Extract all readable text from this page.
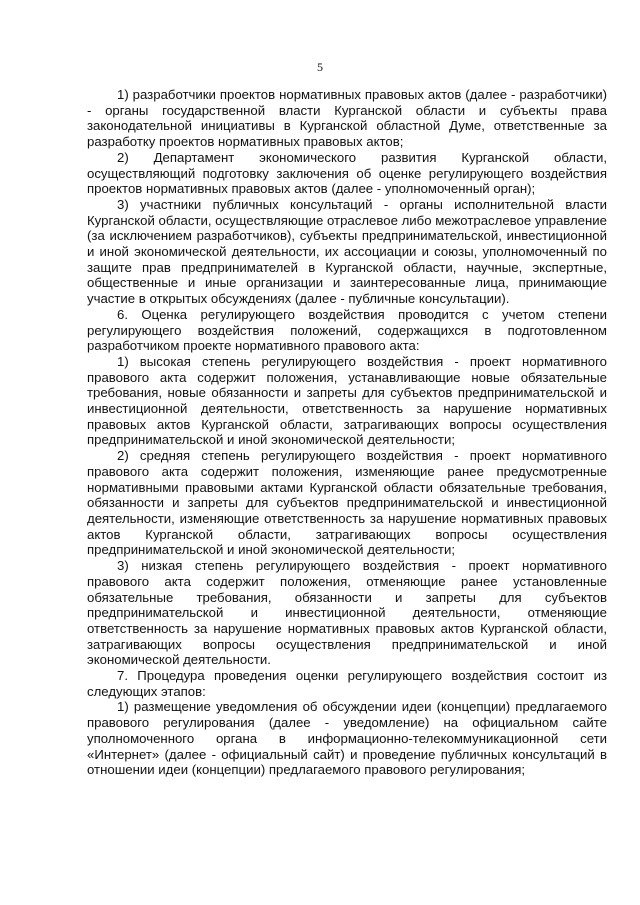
5

1) разработчики проектов нормативных правовых актов (далее - разработчики) - органы государственной власти Курганской области и субъекты права законодательной инициативы в Курганской областной Думе, ответственные за разработку проектов нормативных правовых актов;

2) Департамент экономического развития Курганской области, осуществляющий подготовку заключения об оценке регулирующего воздействия проектов нормативных правовых актов (далее - уполномоченный орган);

3) участники публичных консультаций - органы исполнительной власти Курганской области, осуществляющие отраслевое либо межотраслевое управление (за исключением разработчиков), субъекты предпринимательской, инвестиционной и иной экономической деятельности, их ассоциации и союзы, уполномоченный по защите прав предпринимателей в Курганской области, научные, экспертные, общественные и иные организации и заинтересованные лица, принимающие участие в открытых обсуждениях (далее - публичные консультации).

6. Оценка регулирующего воздействия проводится с учетом степени регулирующего воздействия положений, содержащихся в подготовленном разработчиком проекте нормативного правового акта:

1) высокая степень регулирующего воздействия - проект нормативного правового акта содержит положения, устанавливающие новые обязательные требования, новые обязанности и запреты для субъектов предпринимательской и инвестиционной деятельности, ответственность за нарушение нормативных правовых актов Курганской области, затрагивающих вопросы осуществления предпринимательской и иной экономической деятельности;

2) средняя степень регулирующего воздействия - проект нормативного правового акта содержит положения, изменяющие ранее предусмотренные нормативными правовыми актами Курганской области обязательные требования, обязанности и запреты для субъектов предпринимательской и инвестиционной деятельности, изменяющие ответственность за нарушение нормативных правовых актов Курганской области, затрагивающих вопросы осуществления предпринимательской и иной экономической деятельности;

3) низкая степень регулирующего воздействия - проект нормативного правового акта содержит положения, отменяющие ранее установленные обязательные требования, обязанности и запреты для субъектов предпринимательской и инвестиционной деятельности, отменяющие ответственность за нарушение нормативных правовых актов Курганской области, затрагивающих вопросы осуществления предпринимательской и иной экономической деятельности.

7. Процедура проведения оценки регулирующего воздействия состоит из следующих этапов:

1) размещение уведомления об обсуждении идеи (концепции) предлагаемого правового регулирования (далее - уведомление) на официальном сайте уполномоченного органа в информационно-телекоммуникационной сети «Интернет» (далее - официальный сайт) и проведение публичных консультаций в отношении идеи (концепции) предлагаемого правового регулирования;
